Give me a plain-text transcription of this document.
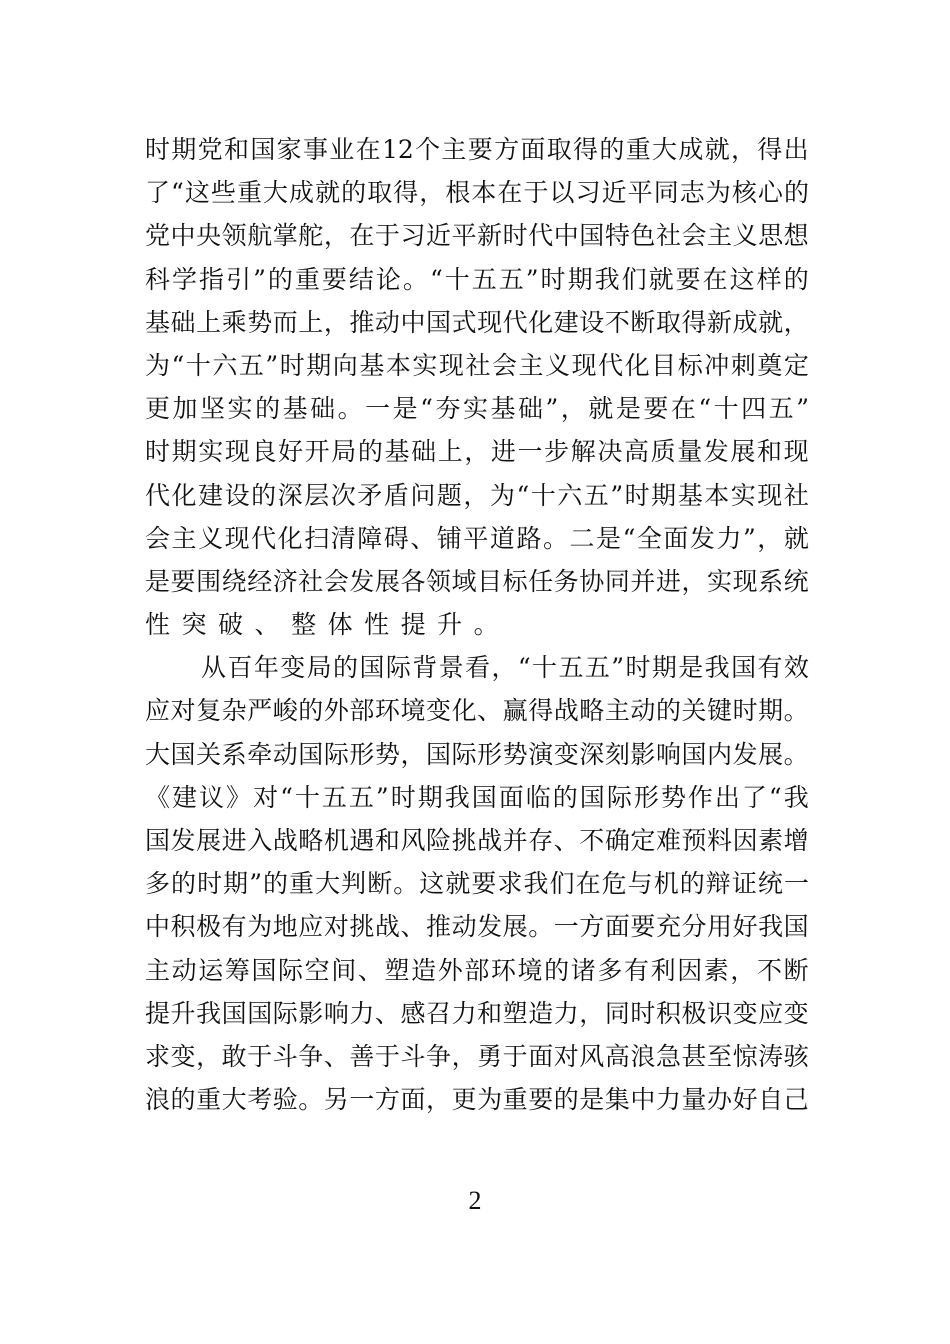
时 期 党 和 国 家 事 业 在 12 个 主 要 方 面 取 得 的 重 大 成 就 ， 得 出
了 “ 这 些 重 大 成 就 的 取 得 ， 根 本 在 于 以 习 近 平 同 志 为 核 心 的
党 中 央 领 航 掌 舵 ， 在 于 习 近 平 新 时 代 中 国 特 色 社 会 主 义 思 想
科 学 指 引 ” 的 重 要 结 论 。 “ 十 五 五 ” 时 期 我 们 就 要 在 这 样 的
基 础 上 乘 势 而 上 ， 推 动 中 国 式 现 代 化 建 设 不 断 取 得 新 成 就 ，
为 “ 十 六 五 ” 时 期 向 基 本 实 现 社 会 主 义 现 代 化 目 标 冲 刺 奠 定
更 加 坚 实 的 基 础 。 一 是 “ 夯 实 基 础 ” ， 就 是 要 在 “ 十 四 五 ”
时 期 实 现 良 好 开 局 的 基 础 上 ， 进 一 步 解 决 高 质 量 发 展 和 现
代 化 建 设 的 深 层 次 矛 盾 问 题 ， 为 “ 十 六 五 ” 时 期 基 本 实 现 社
会 主 义 现 代 化 扫 清 障 碍 、 铺 平 道 路 。 二 是 “ 全 面 发 力 ” ， 就
是 要 围 绕 经 济 社 会 发 展 各 领 域 目 标 任 务 协 同 并 进 ， 实 现 系 统
性 突 破 、 整 体 性 提 升 。
从 百 年 变 局 的 国 际 背 景 看 ， “ 十 五 五 ” 时 期 是 我 国 有 效
应 对 复 杂 严 峻 的 外 部 环 境 变 化 、 赢 得 战 略 主 动 的 关 键 时 期 。
大 国 关 系 牵 动 国 际 形 势 ， 国 际 形 势 演 变 深 刻 影 响 国 内 发 展 。
《 建 议 》 对 “ 十 五 五 ” 时 期 我 国 面 临 的 国 际 形 势 作 出 了 “ 我
国 发 展 进 入 战 略 机 遇 和 风 险 挑 战 并 存 、 不 确 定 难 预 料 因 素 增
多 的 时 期 ” 的 重 大 判 断 。 这 就 要 求 我 们 在 危 与 机 的 辩 证 统 一
中 积 极 有 为 地 应 对 挑 战 、 推 动 发 展 。 一 方 面 要 充 分 用 好 我 国
主 动 运 筹 国 际 空 间 、 塑 造 外 部 环 境 的 诸 多 有 利 因 素 ， 不 断
提 升 我 国 国 际 影 响 力 、 感 召 力 和 塑 造 力 ， 同 时 积 极 识 变 应 变
求 变 ， 敢 于 斗 争 、 善 于 斗 争 ， 勇 于 面 对 风 高 浪 急 甚 至 惊 涛 骇
浪 的 重 大 考 验 。 另 一 方 面 ， 更 为 重 要 的 是 集 中 力 量 办 好 自 己
2
